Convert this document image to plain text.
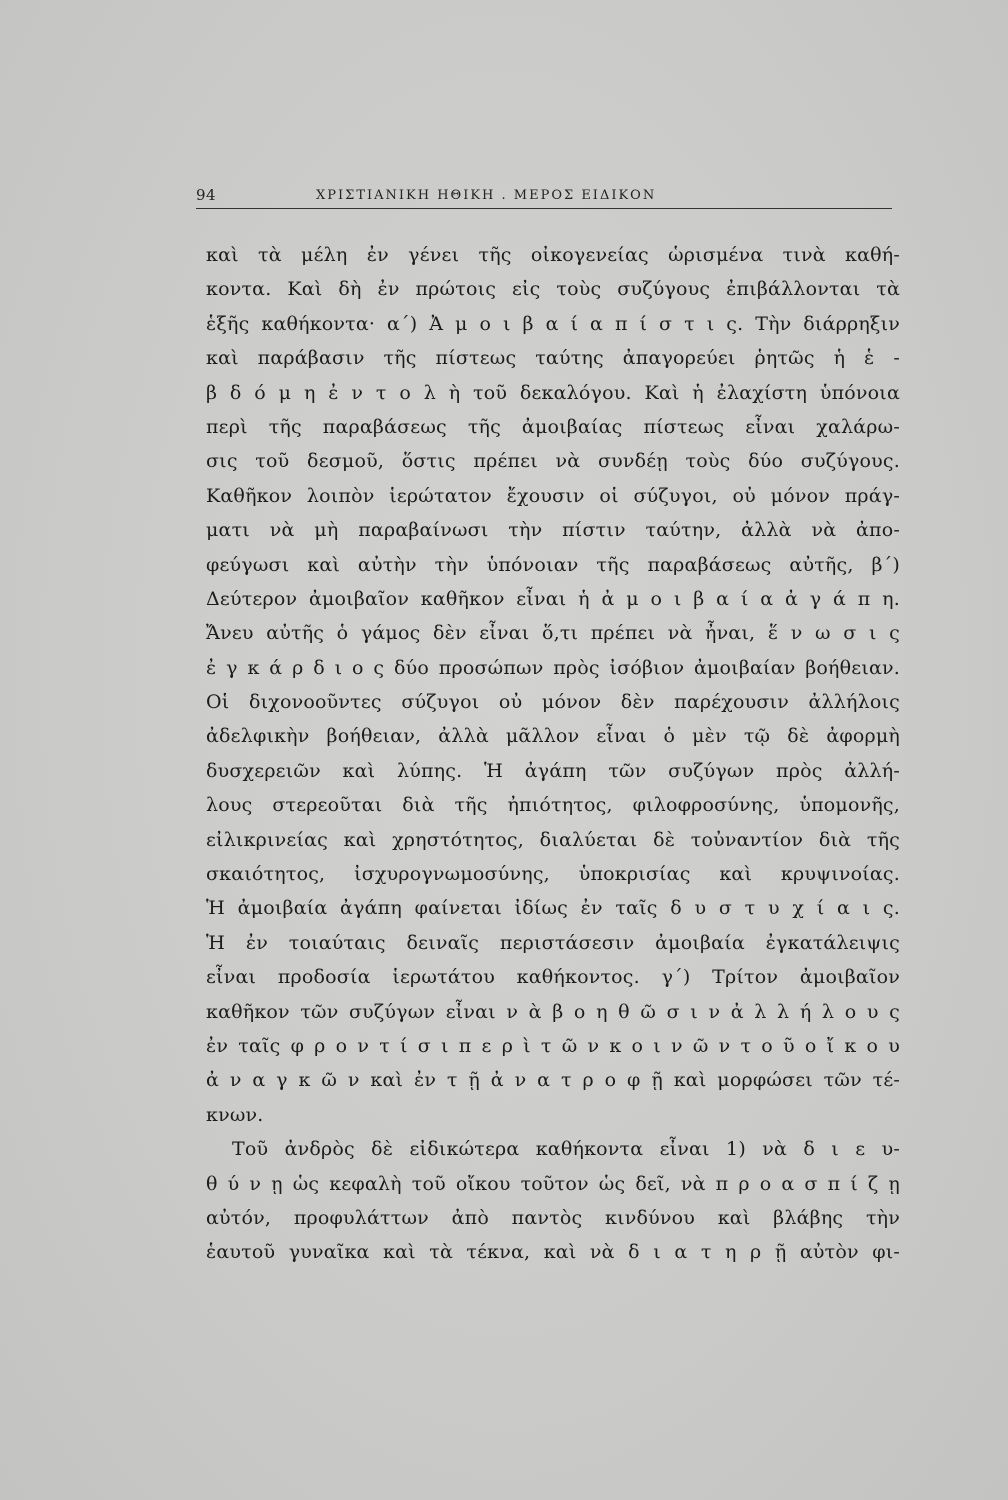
94	ΧΡΙΣΤΙΑΝΙΚΗ ΗΘΙΚΗ . ΜΕΡΟΣ ΕΙΔΙΚΟΝ
καὶ τὰ μέλη ἐν γένει τῆς οἰκογενείας ὡρισμένα τινὰ καθή-
κοντα. Καὶ δὴ ἐν πρώτοις εἰς τοὺς συζύγους ἐπιβάλλονται τὰ
ἑξῆς καθήκοντα· α΄) Ἀ μ ο ι β α ί α π ί σ τ ι ς. Τὴν διάρρηξιν
καὶ παράβασιν τῆς πίστεως ταύτης ἀπαγορεύει ῥητῶς ἡ ἑ -
β δ ό μ η ἐ ν τ ο λ ὴ τοῦ δεκαλόγου. Καὶ ἡ ἐλαχίστη ὑπόνοια
περὶ τῆς παραβάσεως τῆς ἀμοιβαίας πίστεως εἶναι χαλάρω-
σις τοῦ δεσμοῦ, ὅστις πρέπει νὰ συνδέῃ τοὺς δύο συζύγους.
Καθῆκον λοιπὸν ἱερώτατον ἔχουσιν οἱ σύζυγοι, οὐ μόνον πράγ-
ματι νὰ μὴ παραβαίνωσι τὴν πίστιν ταύτην, ἀλλὰ νὰ ἀπο-
φεύγωσι καὶ αὐτὴν τὴν ὑπόνοιαν τῆς παραβάσεως αὐτῆς, β΄)
Δεύτερον ἀμοιβαῖον καθῆκον εἶναι ἡ ἀ μ ο ι β α ί α ἀ γ ά π η.
Ἄνευ αὐτῆς ὁ γάμος δὲν εἶναι ὅ,τι πρέπει νὰ ἦναι, ἕ ν ω σ ι ς
ἐ γ κ ά ρ δ ι ο ς δύο προσώπων πρὸς ἰσόβιον ἀμοιβαίαν βοήθειαν.
Οἱ διχονοοῦντες σύζυγοι οὐ μόνον δὲν παρέχουσιν ἀλλήλοις
ἀδελφικὴν βοήθειαν, ἀλλὰ μᾶλλον εἶναι ὁ μὲν τῷ δὲ ἀφορμὴ
δυσχερειῶν καὶ λύπης. Ἡ ἀγάπη τῶν συζύγων πρὸς ἀλλή-
λους στερεοῦται διὰ τῆς ἠπιότητος, φιλοφροσύνης, ὑπομονῆς,
εἰλικρινείας καὶ χρηστότητος, διαλύεται δὲ τοὐναντίον διὰ τῆς
σκαιότητος, ἰσχυρογνωμοσύνης, ὑποκρισίας καὶ κρυψινοίας.
Ἡ ἀμοιβαία ἀγάπη φαίνεται ἰδίως ἐν ταῖς δ υ σ τ υ χ ί α ι ς.
Ἡ ἐν τοιαύταις δειναῖς περιστάσεσιν ἀμοιβαία ἐγκατάλειψις
εἶναι προδοσία ἱερωτάτου καθήκοντος. γ΄) Τρίτον ἀμοιβαῖον
καθῆκον τῶν συζύγων εἶναι ν ὰ β ο η θ ῶ σ ι ν ἀ λ λ ή λ ο υ ς
ἐν ταῖς φ ρ ο ν τ ί σ ι π ε ρ ὶ τ ῶ ν κ ο ι ν ῶ ν τ ο ῦ ο ἴ κ ο υ
ἀ ν α γ κ ῶ ν καὶ ἐν τ ῇ ἀ ν α τ ρ ο φ ῇ καὶ μορφώσει τῶν τέ-
κνων.
Τοῦ ἀνδρὸς δὲ εἰδικώτερα καθήκοντα εἶναι 1) νὰ δ ι ε υ-
θ ύ ν ῃ ὡς κεφαλὴ τοῦ οἴκου τοῦτον ὡς δεῖ, νὰ π ρ ο α σ π ί ζ ῃ
αὐτόν, προφυλάττων ἀπὸ παντὸς κινδύνου καὶ βλάβης τὴν
ἑαυτοῦ γυναῖκα καὶ τὰ τέκνα, καὶ νὰ δ ι α τ η ρ ῇ αὐτὸν φι-
